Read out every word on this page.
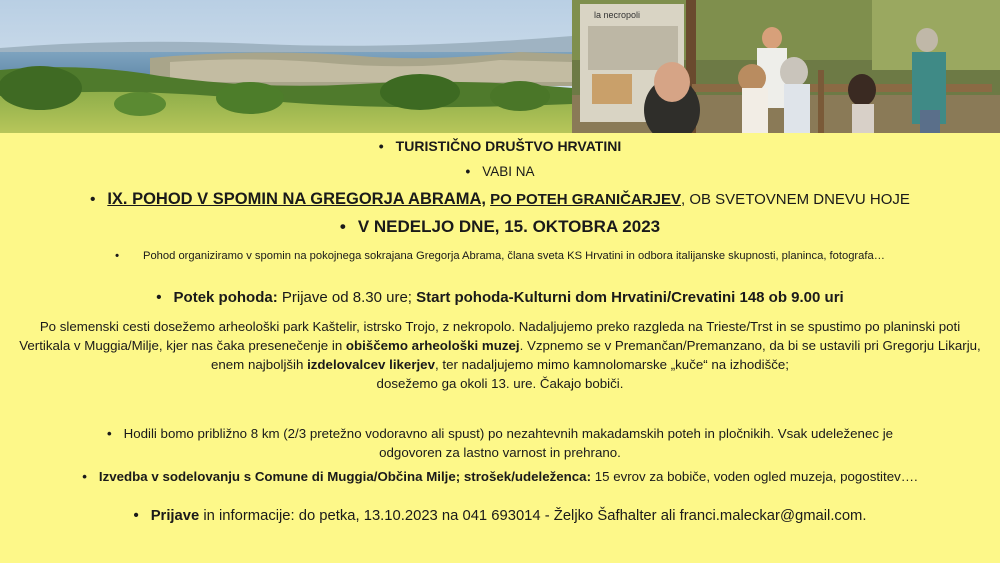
la necropoli
• TURISTIČNO DRUŠTVO HRVATINI
• VABI NA
• IX. POHOD V SPOMIN NA GREGORJA ABRAMA, PO POTEH GRANIČARJEV, OB SVETOVNEM DNEVU HOJE
• V NEDELJO DNE, 15. OKTOBRA 2023
• Pohod organiziramo v spomin na pokojnega sokrajana Gregorja Abrama, člana sveta KS Hrvatini in odbora italijanske skupnosti, planinca, fotografa…
• Potek pohoda: Prijave od 8.30 ure; Start pohoda-Kulturni dom Hrvatini/Crevatini 148 ob 9.00 uri
Po slemenski cesti dosežemo arheološki park Kaštelir, istrsko Trojo, z nekropolo. Nadaljujemo preko razgleda na Trieste/Trst in se spustimo po planinski poti Vertikala v Muggia/Milje, kjer nas čaka presenečenje in obiščemo arheološki muzej. Vzpnemo se v Premančan/Premanzano, da bi se ustavili pri Gregorju Likarju, enem najboljših izdelovalcev likerjev, ter nadaljujemo mimo kamnolomarske „kuče“ na izhodišče;
dosežemo ga okoli 13. ure. Čakajo bobiči.
• Hodili bomo približno 8 km (2/3 pretežno vodoravno ali spust) po nezahtevnih makadamskih poteh in pločnikih. Vsak udeleženec je
odgovoren za lastno varnost in prehrano.
• Izvedba v sodelovanju s Comune di Muggia/Občina Milje; strošek/udeleženca: 15 evrov za bobiče, voden ogled muzeja, pogostitev….
• Prijave in informacije: do petka, 13.10.2023 na 041 693014 - Željko Šafhalter ali franci.maleckar@gmail.com.
